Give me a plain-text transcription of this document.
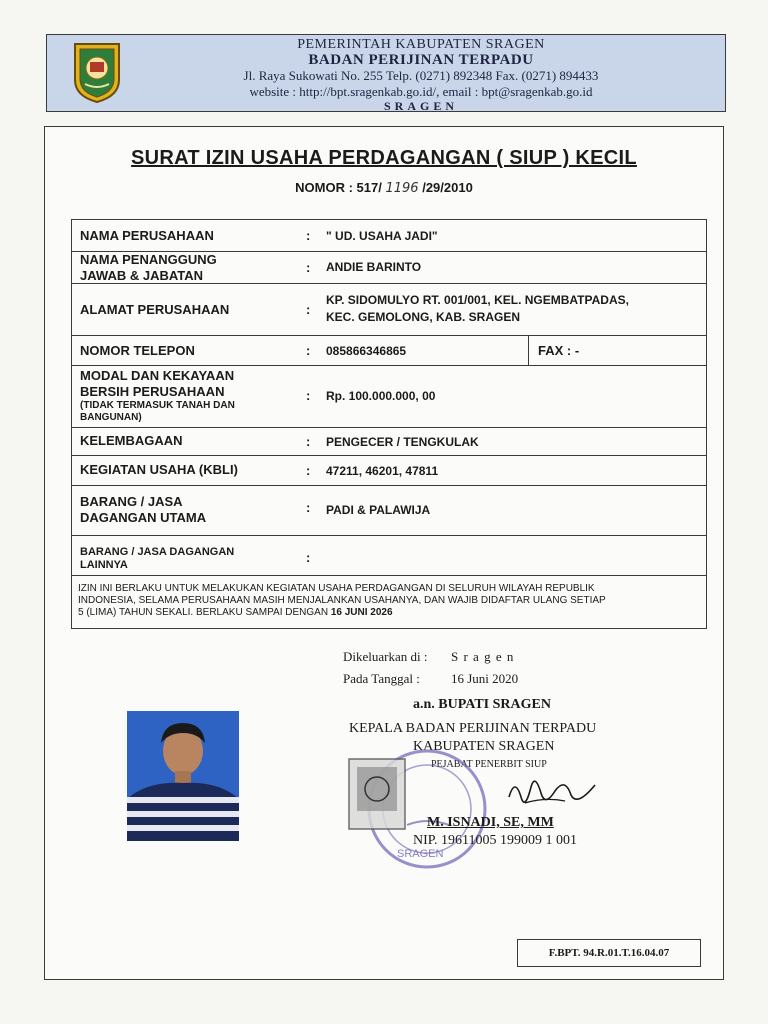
PEMERINTAH KABUPATEN SRAGEN
BADAN PERIJINAN TERPADU
Jl. Raya Sukowati No. 255 Telp. (0271) 892348 Fax. (0271) 894433
website : http://bpt.sragenkab.go.id/, email : bpt@sragenkab.go.id
SRAGEN
SURAT IZIN USAHA PERDAGANGAN ( SIUP ) KECIL
NOMOR : 517/ 1196 /29/2010
NAMA PERUSAHAAN	: " UD. USAHA JADI"
NAMA PENANGGUNG
JAWAB & JABATAN
: ANDIE BARINTO
ALAMAT PERUSAHAAN	:
KP. SIDOMULYO RT. 001/001, KEL. NGEMBATPADAS,
KEC. GEMOLONG, KAB. SRAGEN
NOMOR TELEPON	: 085866346865	FAX : -
MODAL DAN KEKAYAAN
BERSIH PERUSAHAAN
(TIDAK TERMASUK TANAH DAN
BANGUNAN)
: Rp. 100.000.000, 00
KELEMBAGAAN	: PENGECER / TENGKULAK
KEGIATAN USAHA (KBLI)	: 47211, 46201, 47811
BARANG / JASA
DAGANGAN UTAMA
: PADI & PALAWIJA
BARANG / JASA DAGANGAN
LAINNYA	:
IZIN INI BERLAKU UNTUK MELAKUKAN KEGIATAN USAHA PERDAGANGAN DI SELURUH WILAYAH REPUBLIK
INDONESIA, SELAMA PERUSAHAAN MASIH MENJALANKAN USAHANYA, DAN WAJIB DIDAFTAR ULANG SETIAP
5 (LIMA) TAHUN SEKALI. BERLAKU SAMPAI DENGAN 16 JUNI 2026
Dikeluarkan di : S r a g e n
Pada Tanggal : 16 Juni 2020
a.n. BUPATI SRAGEN
KEPALA BADAN PERIJINAN TERPADU
KABUPATEN SRAGEN
PEJABAT PENERBIT SIUP
SRAGEN
M. ISNADI, SE, MM
NIP. 19611005 199009 1 001
F.BPT. 94.R.01.T.16.04.07
